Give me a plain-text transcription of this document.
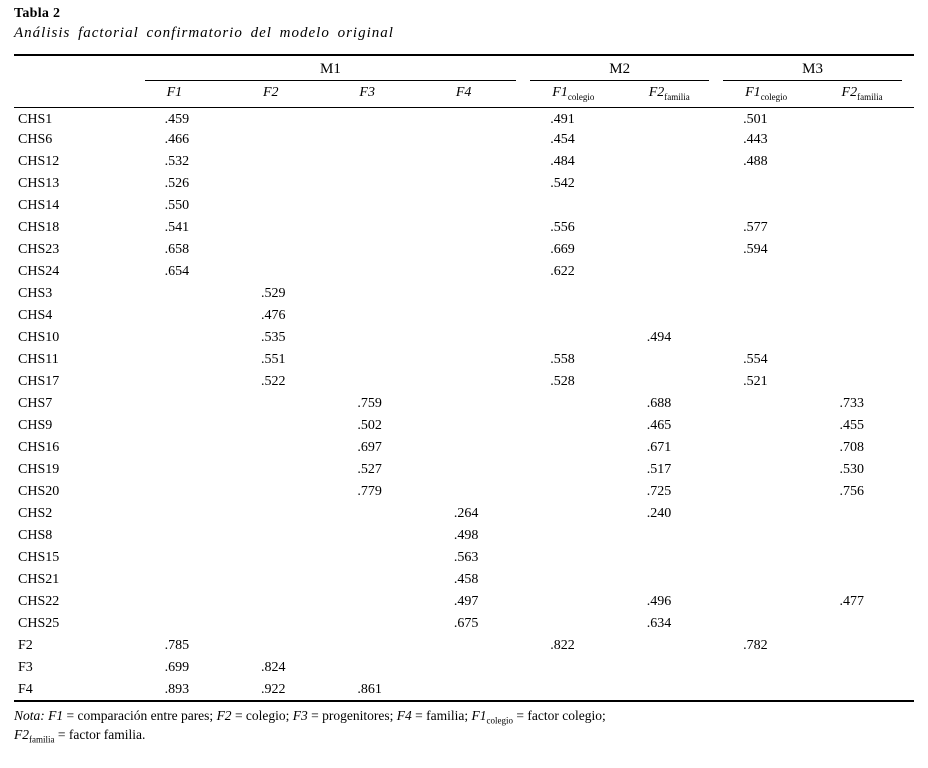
Tabla 2
Análisis factorial confirmatorio del modelo original

	M1				M2		M3	

	F1	F2	F3	F4	$F1_{colegio}$	$F2_{familia}$	$F1_{colegio}$	$F2_{familia}$
CHS1	.459				.491		.501	
CHS6	.466				.454		.443	
CHS12	.532				.484		.488	
CHS13	.526				.542			
CHS14	.550							
CHS18	.541				.556		.577	
CHS23	.658				.669		.594	
CHS24	.654				.622			
CHS3		.529						
CHS4		.476						
CHS10		.535				.494		
CHS11		.551			.558		.554	
CHS17		.522			.528		.521	
CHS7			.759			.688		.733
CHS9			.502			.465		.455
CHS16			.697			.671		.708
CHS19			.527			.517		.530
CHS20			.779			.725		.756
CHS2				.264		.240		
CHS8				.498				
CHS15				.563				
CHS21				.458				
CHS22				.497		.496		.477
CHS25				.675		.634		
F2	.785				.822		.782	
F3	.699	.824						
F4	.893	.922	.861					
Nota: F1 = comparación entre pares; F2 = colegio; F3 = progenitores; F4 = familia; $F1_{colegio}$ = factor colegio;
$F2_{familia}$ = factor familia.
